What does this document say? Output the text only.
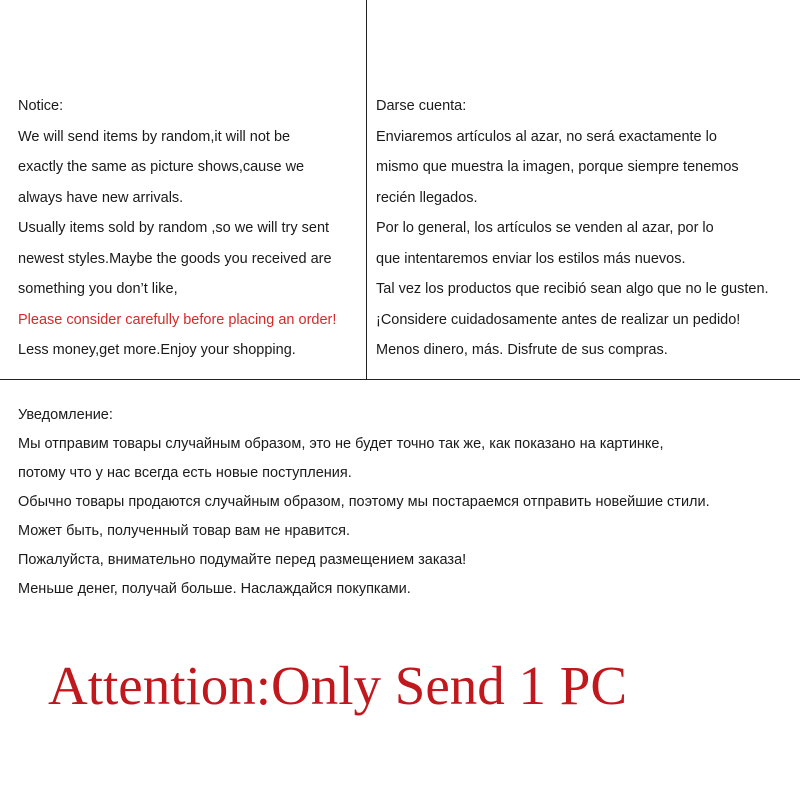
Notice:
We will send items by random,it will not be
exactly the same as picture shows,cause we
always have new arrivals.
Usually items sold by random ,so we will try sent
newest styles.Maybe the goods you received are
something you don’t like,
Please consider carefully before placing an order!
Less money,get more.Enjoy your shopping.
Darse cuenta:
Enviaremos artículos al azar, no será exactamente lo
mismo que muestra la imagen, porque siempre tenemos
recién llegados.
Por lo general, los artículos se venden al azar, por lo
que intentaremos enviar los estilos más nuevos.
Tal vez los productos que recibió sean algo que no le gusten.
¡Considere cuidadosamente antes de realizar un pedido!
Menos dinero, más. Disfrute de sus compras.
Уведомление:
Мы отправим товары случайным образом, это не будет точно так же, как показано на картинке,
потому что у нас всегда есть новые поступления.
Обычно товары продаются случайным образом, поэтому мы постараемся отправить новейшие стили.
Может быть, полученный товар вам не нравится.
Пожалуйста, внимательно подумайте перед размещением заказа!
Меньше денег, получай больше. Наслаждайся покупками.
Attention:Only Send 1 PC
